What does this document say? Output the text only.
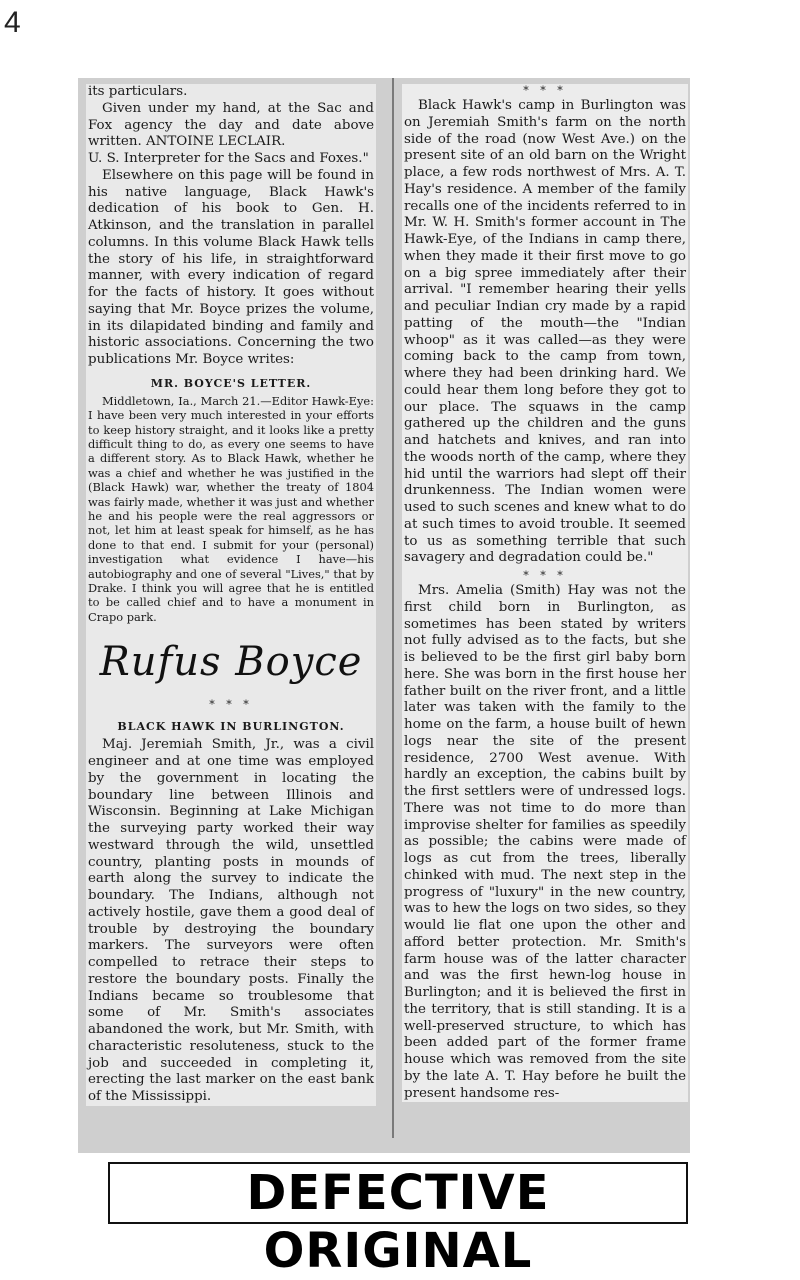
4

its particulars.

Given under my hand, at the Sac and Fox agency the day and date above written. ANTOINE LECLAIR.

U. S. Interpreter for the Sacs and Foxes."

Elsewhere on this page will be found in his native language, Black Hawk's dedication of his book to Gen. H. Atkinson, and the translation in parallel columns. In this volume Black Hawk tells the story of his life, in straightforward manner, with every indication of regard for the facts of history. It goes without saying that Mr. Boyce prizes the volume, in its dilapidated binding and family and historic associations. Concerning the two publications Mr. Boyce writes:

MR. BOYCE'S LETTER.
Middletown, Ia., March 21.—Editor Hawk-Eye: I have been very much interested in your efforts to keep history straight, and it looks like a pretty difficult thing to do, as every one seems to have a different story. As to Black Hawk, whether he was a chief and whether he was justified in the (Black Hawk) war, whether the treaty of 1804 was fairly made, whether it was just and whether he and his people were the real aggressors or not, let him at least speak for himself, as he has done to that end. I submit for your (personal) investigation what evidence I have—his autobiography and one of several "Lives," that by Drake. I think you will agree that he is entitled to be called chief and to have a monument in Crapo park.
Rufus Boyce
* * *
BLACK HAWK IN BURLINGTON.
Maj. Jeremiah Smith, Jr., was a civil engineer and at one time was employed by the government in locating the boundary line between Illinois and Wisconsin. Beginning at Lake Michigan the surveying party worked their way westward through the wild, unsettled country, planting posts in mounds of earth along the survey to indicate the boundary. The Indians, although not actively hostile, gave them a good deal of trouble by destroying the boundary markers. The surveyors were often compelled to retrace their steps to restore the boundary posts. Finally the Indians became so troublesome that some of Mr. Smith's associates abandoned the work, but Mr. Smith, with characteristic resoluteness, stuck to the job and succeeded in completing it, erecting the last marker on the east bank of the Mississippi.
* * *
Black Hawk's camp in Burlington was on Jeremiah Smith's farm on the north side of the road (now West Ave.) on the present site of an old barn on the Wright place, a few rods northwest of Mrs. A. T. Hay's residence. A member of the family recalls one of the incidents referred to in Mr. W. H. Smith's former account in The Hawk-Eye, of the Indians in camp there, when they made it their first move to go on a big spree immediately after their arrival. "I remember hearing their yells and peculiar Indian cry made by a rapid patting of the mouth—the "Indian whoop" as it was called—as they were coming back to the camp from town, where they had been drinking hard. We could hear them long before they got to our place. The squaws in the camp gathered up the children and the guns and hatchets and knives, and ran into the woods north of the camp, where they hid until the warriors had slept off their drunkenness. The Indian women were used to such scenes and knew what to do at such times to avoid trouble. It seemed to us as something terrible that such savagery and degradation could be."
* * *
Mrs. Amelia (Smith) Hay was not the first child born in Burlington, as sometimes has been stated by writers not fully advised as to the facts, but she is believed to be the first girl baby born here. She was born in the first house her father built on the river front, and a little later was taken with the family to the home on the farm, a house built of hewn logs near the site of the present residence, 2700 West avenue. With hardly an exception, the cabins built by the first settlers were of undressed logs. There was not time to do more than improvise shelter for families as speedily as possible; the cabins were made of logs as cut from the trees, liberally chinked with mud. The next step in the progress of "luxury" in the new country, was to hew the logs on two sides, so they would lie flat one upon the other and afford better protection. Mr. Smith's farm house was of the latter character and was the first hewn-log house in Burlington; and it is believed the first in the territory, that is still standing. It is a well-preserved structure, to which has been added part of the former frame house which was removed from the site by the late A. T. Hay before he built the present handsome res-
DEFECTIVE ORIGINAL
